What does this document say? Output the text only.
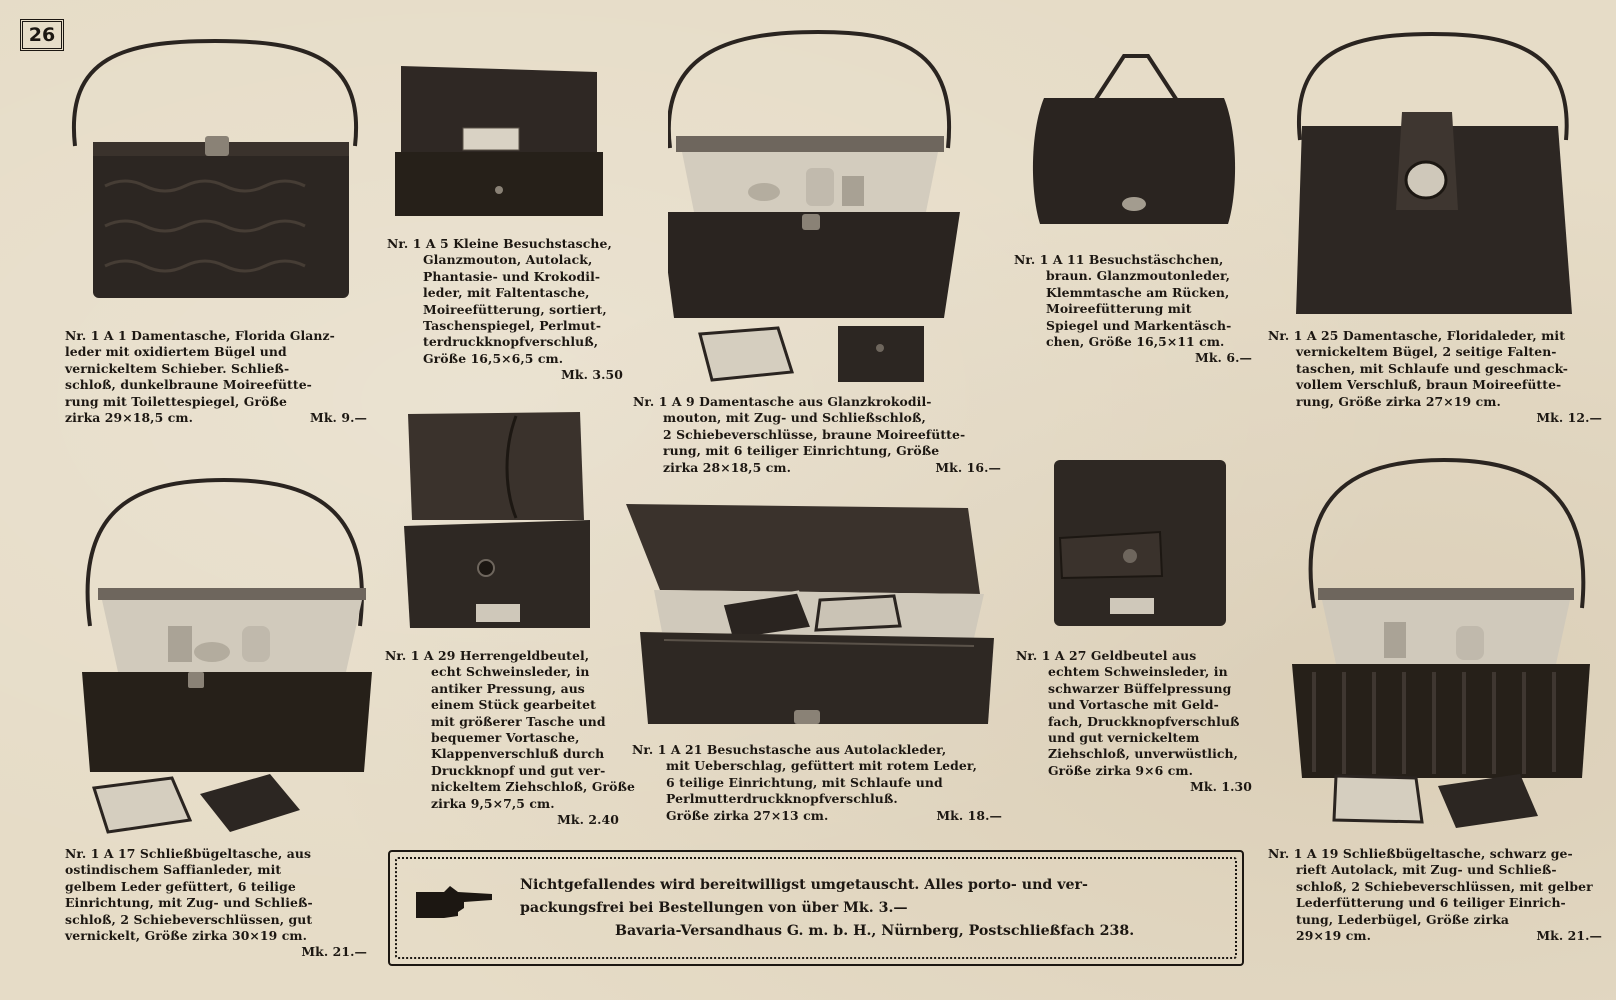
26
Nr. 1 A 1 Damentasche, Florida Glanz-
leder mit oxidiertem Bügel und
vernickeltem Schieber. Schließ-
schloß, dunkelbraune Moireefütte-
rung mit Toilettespiegel, Größe
zirka 29×18,5 cm.	Mk. 9.—
Nr. 1 A 5 Kleine Besuchstasche,
Glanzmouton, Autolack,
Phantasie- und Krokodil-
leder, mit Faltentasche,
Moireefütterung, sortiert,
Taschenspiegel, Perlmut-
terdruckknopfverschluß,
Größe 16,5×6,5 cm.
Mk. 3.50
Nr. 1 A 9 Damentasche aus Glanzkrokodil-
mouton, mit Zug- und Schließschloß,
2 Schiebeverschlüsse, braune Moireefütte-
rung, mit 6 teiliger Einrichtung, Größe
zirka 28×18,5 cm.	Mk. 16.—
Nr. 1 A 11 Besuchstäschchen,
braun. Glanzmoutonleder,
Klemmtasche am Rücken,
Moireefütterung mit
Spiegel und Markentäsch-
chen, Größe 16,5×11 cm.
Mk. 6.—
Nr. 1 A 25 Damentasche, Floridaleder, mit
vernickeltem Bügel, 2 seitige Falten-
taschen, mit Schlaufe und geschmack-
vollem Verschluß, braun Moireefütte-
rung, Größe zirka 27×19 cm.
Mk. 12.—
Nr. 1 A 17 Schließbügeltasche, aus
ostindischem Saffianleder, mit
gelbem Leder gefüttert, 6 teilige
Einrichtung, mit Zug- und Schließ-
schloß, 2 Schiebeverschlüssen, gut
vernickelt, Größe zirka 30×19 cm.
Mk. 21.—
Nr. 1 A 29 Herrengeldbeutel,
echt Schweinsleder, in
antiker Pressung, aus
einem Stück gearbeitet
mit größerer Tasche und
bequemer Vortasche,
Klappenverschluß durch
Druckknopf und gut ver-
nickeltem Ziehschloß, Größe
zirka 9,5×7,5 cm.
Mk. 2.40
Nr. 1 A 21 Besuchstasche aus Autolackleder,
mit Ueberschlag, gefüttert mit rotem Leder,
6 teilige Einrichtung, mit Schlaufe und
Perlmutterdruckknopfverschluß.
Größe zirka 27×13 cm.	Mk. 18.—
Nr. 1 A 27 Geldbeutel aus
echtem Schweinsleder, in
schwarzer Büffelpressung
und Vortasche mit Geld-
fach, Druckknopfverschluß
und gut vernickeltem
Ziehschloß, unverwüstlich,
Größe zirka 9×6 cm.
Mk. 1.30
Nr. 1 A 19 Schließbügeltasche, schwarz ge-
rieft Autolack, mit Zug- und Schließ-
schloß, 2 Schiebeverschlüssen, mit gelber
Lederfütterung und 6 teiliger Einrich-
tung, Lederbügel, Größe zirka
29×19 cm.	Mk. 21.—
Nichtgefallendes wird bereitwilligst umgetauscht. Alles porto- und ver-
packungsfrei bei Bestellungen von über Mk. 3.—
Bavaria-Versandhaus G. m. b. H., Nürnberg, Postschließfach 238.
